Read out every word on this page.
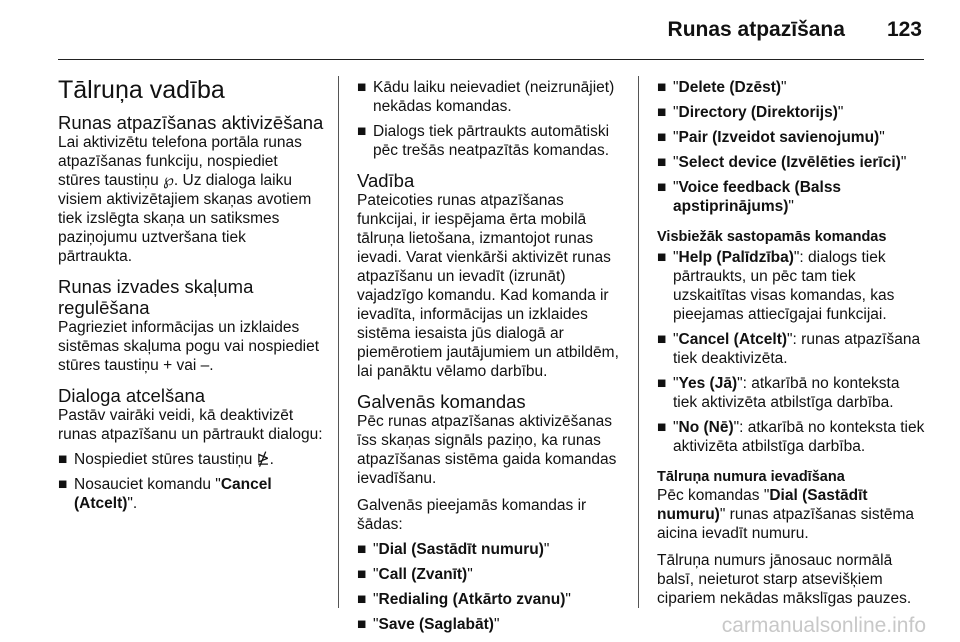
Runas atpazīšana 123
Tālruņa vadība
Runas atpazīšanas aktivizēšana

Lai aktivizētu telefona portāla runas atpazīšanas funkciju, nospiediet stūres taustiņu ℘. Uz dialoga laiku visiem aktivizētajiem skaņas avotiem tiek izslēgta skaņa un satiksmes paziņojumu uztveršana tiek pārtraukta.

Runas izvades skaļuma regulēšana

Pagrieziet informācijas un izklaides sistēmas skaļuma pogu vai nospiediet stūres taustiņu + vai –.

Dialoga atcelšana

Pastāv vairāki veidi, kā deaktivizēt runas atpazīšanu un pārtraukt dialogu:

■ Nospiediet stūres taustiņu ⋭.
■ Nosauciet komandu "Cancel (Atcelt)".
■ Kādu laiku neievadiet (neizrunājiet) nekādas komandas.
■ Dialogs tiek pārtraukts automātiski pēc trešās neatpazītās komandas.
Vadība

Pateicoties runas atpazīšanas funkcijai, ir iespējama ērta mobilā tālruņa lietošana, izmantojot runas ievadi. Varat vienkārši aktivizēt runas atpazīšanu un ievadīt (izrunāt) vajadzīgo komandu. Kad komanda ir ievadīta, informācijas un izklaides sistēma iesaista jūs dialogā ar piemērotiem jautājumiem un atbildēm, lai panāktu vēlamo darbību.

Galvenās komandas

Pēc runas atpazīšanas aktivizēšanas īss skaņas signāls paziņo, ka runas atpazīšanas sistēma gaida komandas ievadīšanu.

Galvenās pieejamās komandas ir šādas:

■ "Dial (Sastādīt numuru)"
■ "Call (Zvanīt)"
■ "Redialing (Atkārto zvanu)"
■ "Save (Saglabāt)"
■ "Delete (Dzēst)"
■ "Directory (Direktorijs)"
■ "Pair (Izveidot savienojumu)"
■ "Select device (Izvēlēties ierīci)"
■ "Voice feedback (Balss apstiprinājums)"
Visbiežāk sastopamās komandas
■ "Help (Palīdzība)": dialogs tiek pārtraukts, un pēc tam tiek uzskaitītas visas komandas, kas pieejamas attiecīgajai funkcijai.
■ "Cancel (Atcelt)": runas atpazīšana tiek deaktivizēta.
■ "Yes (Jā)": atkarībā no konteksta tiek aktivizēta atbilstīga darbība.
■ "No (Nē)": atkarībā no konteksta tiek aktivizēta atbilstīga darbība.
Tālruņa numura ievadīšana

Pēc komandas "Dial (Sastādīt numuru)" runas atpazīšanas sistēma aicina ievadīt numuru.

Tālruņa numurs jānosauc normālā balsī, neieturot starp atsevišķiem cipariem nekādas mākslīgas pauzes.

carmanualsonline.info
